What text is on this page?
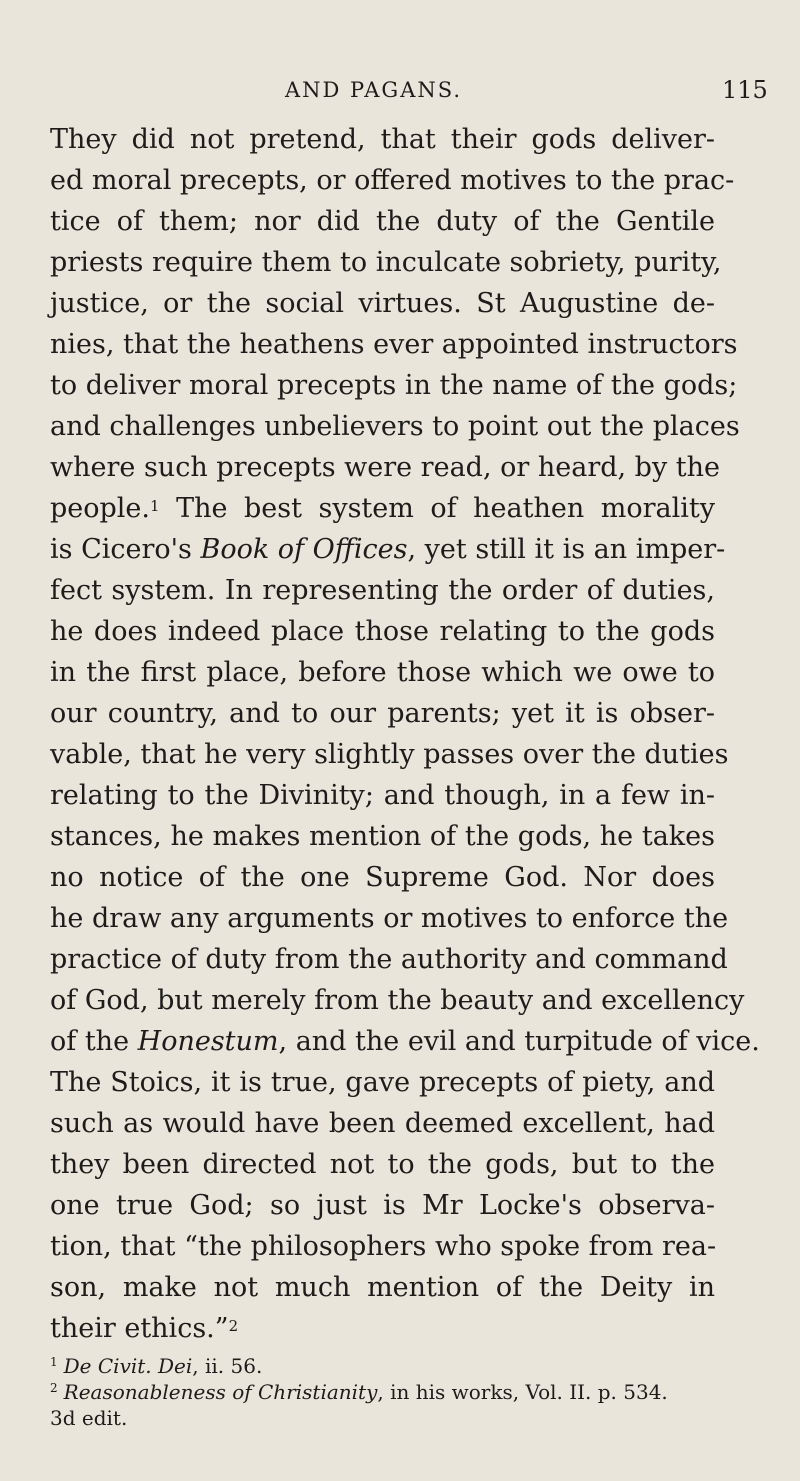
AND PAGANS.	115
They did not pretend, that their gods deliver-
ed moral precepts, or offered motives to the prac-
tice of them; nor did the duty of the Gentile
priests require them to inculcate sobriety, purity,
justice, or the social virtues. St Augustine de-
nies, that the heathens ever appointed instructors
to deliver moral precepts in the name of the gods;
and challenges unbelievers to point out the places
where such precepts were read, or heard, by the
people.$^1$ The best system of heathen morality
is Cicero's Book of Offices, yet still it is an imper-
fect system. In representing the order of duties,
he does indeed place those relating to the gods
in the first place, before those which we owe to
our country, and to our parents; yet it is obser-
vable, that he very slightly passes over the duties
relating to the Divinity; and though, in a few in-
stances, he makes mention of the gods, he takes
no notice of the one Supreme God. Nor does
he draw any arguments or motives to enforce the
practice of duty from the authority and command
of God, but merely from the beauty and excellency
of the Honestum, and the evil and turpitude of vice.
The Stoics, it is true, gave precepts of piety, and
such as would have been deemed excellent, had
they been directed not to the gods, but to the
one true God; so just is Mr Locke's observa-
tion, that “the philosophers who spoke from rea-
son, make not much mention of the Deity in
their ethics.”$^2$
$^1$ De Civit. Dei, ii. 56.
$^2$ Reasonableness of Christianity, in his works, Vol. II. p. 534.
3d edit.
